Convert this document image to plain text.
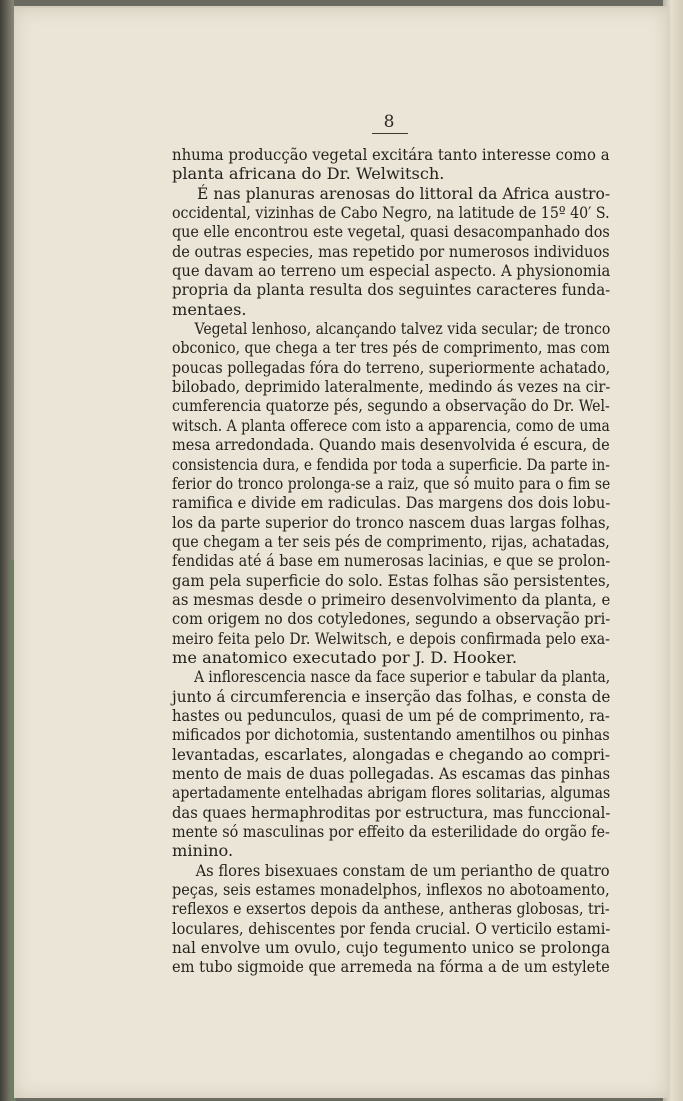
8
nhuma producção vegetal excitára tanto interesse como a
planta africana do Dr. Welwitsch.
É nas planuras arenosas do littoral da Africa austro-
occidental, vizinhas de Cabo Negro, na latitude de 15º 40′ S.
que elle encontrou este vegetal, quasi desacompanhado dos
de outras especies, mas repetido por numerosos individuos
que davam ao terreno um especial aspecto. A physionomia
propria da planta resulta dos seguintes caracteres funda-
mentaes.
Vegetal lenhoso, alcançando talvez vida secular; de tronco
obconico, que chega a ter tres pés de comprimento, mas com
poucas pollegadas fóra do terreno, superiormente achatado,
bilobado, deprimido lateralmente, medindo ás vezes na cir-
cumferencia quatorze pés, segundo a observação do Dr. Wel-
witsch. A planta offerece com isto a apparencia, como de uma
mesa arredondada. Quando mais desenvolvida é escura, de
consistencia dura, e fendida por toda a superficie. Da parte in-
ferior do tronco prolonga-se a raiz, que só muito para o fim se
ramifica e divide em radiculas. Das margens dos dois lobu-
los da parte superior do tronco nascem duas largas folhas,
que chegam a ter seis pés de comprimento, rijas, achatadas,
fendidas até á base em numerosas lacinias, e que se prolon-
gam pela superficie do solo. Estas folhas são persistentes,
as mesmas desde o primeiro desenvolvimento da planta, e
com origem no dos cotyledones, segundo a observação pri-
meiro feita pelo Dr. Welwitsch, e depois confirmada pelo exa-
me anatomico executado por J. D. Hooker.
A inflorescencia nasce da face superior e tabular da planta,
junto á circumferencia e inserção das folhas, e consta de
hastes ou pedunculos, quasi de um pé de comprimento, ra-
mificados por dichotomia, sustentando amentilhos ou pinhas
levantadas, escarlates, alongadas e chegando ao compri-
mento de mais de duas pollegadas. As escamas das pinhas
apertadamente entelhadas abrigam flores solitarias, algumas
das quaes hermaphroditas por estructura, mas funccional-
mente só masculinas por effeito da esterilidade do orgão fe-
minino.
As flores bisexuaes constam de um periantho de quatro
peças, seis estames monadelphos, inflexos no abotoamento,
reflexos e exsertos depois da anthese, antheras globosas, tri-
loculares, dehiscentes por fenda crucial. O verticilo estami-
nal envolve um ovulo, cujo tegumento unico se prolonga
em tubo sigmoide que arremeda na fórma a de um estylete
